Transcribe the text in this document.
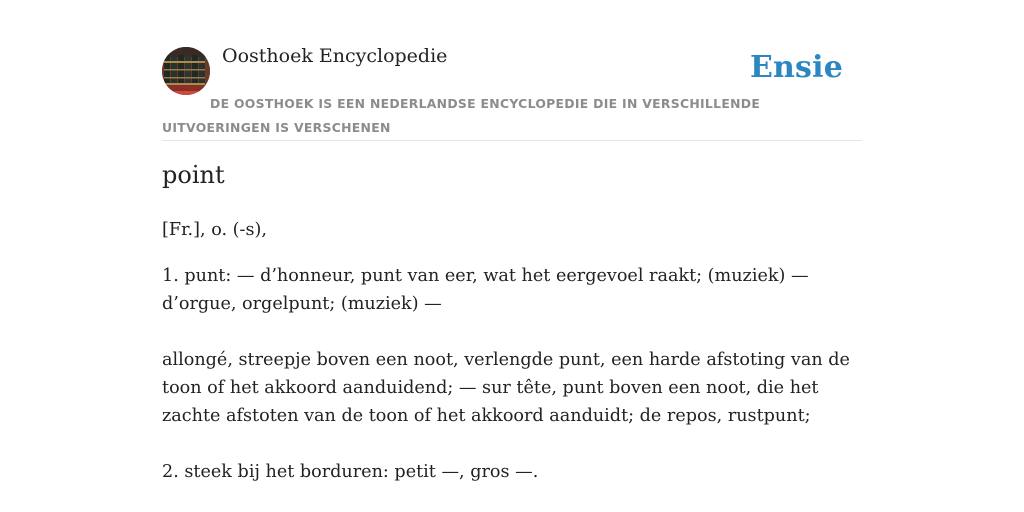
Oosthoek Encyclopedie	Ensie
DE OOSTHOEK IS EEN NEDERLANDSE ENCYCLOPEDIE DIE IN VERSCHILLENDE UITVOERINGEN IS VERSCHENEN
point

[Fr.], o. (-s),

1. punt: — d’honneur, punt van eer, wat het eergevoel raakt; (muziek) — d’orgue, orgelpunt; (muziek) —

allongé, streepje boven een noot, verlengde punt, een harde afstoting van de toon of het akkoord aanduidend; — sur tête, punt boven een noot, die het zachte afstoten van de toon of het akkoord aanduidt; de repos, rustpunt;

2. steek bij het borduren: petit —, gros —.
